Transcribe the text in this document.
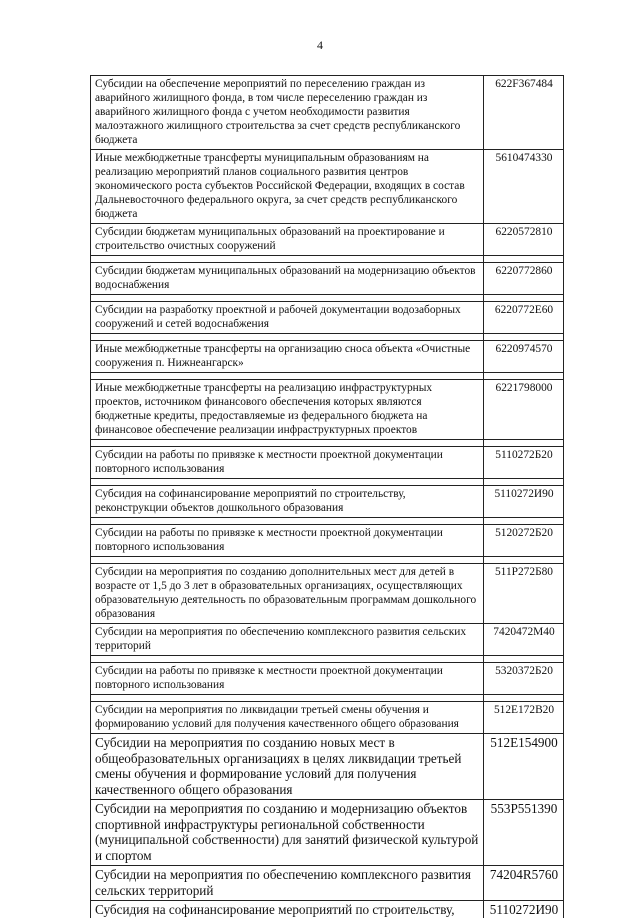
4
Субсидии на обеспечение мероприятий по переселению граждан из аварийного жилищного фонда, в том числе переселению граждан из аварийного жилищного фонда с учетом необходимости развития малоэтажного жилищного строительства за счет средств республиканского бюджета	622F367484
Иные межбюджетные трансферты муниципальным образованиям на реализацию мероприятий планов социального развития центров экономического роста субъектов Российской Федерации, входящих в состав Дальневосточного федерального округа, за счет средств республиканского бюджета	5610474330
Субсидии бюджетам муниципальных образований на проектирование и строительство очистных сооружений	6220572810

Субсидии бюджетам муниципальных образований на модернизацию объектов водоснабжения	6220772860

Субсидии на разработку проектной и рабочей документации водозаборных сооружений и сетей водоснабжения	6220772Е60

Иные межбюджетные трансферты на организацию сноса объекта «Очистные сооружения п. Нижнеангарск»	6220974570

Иные межбюджетные трансферты на реализацию инфраструктурных проектов, источником финансового обеспечения которых являются бюджетные кредиты, предоставляемые из федерального бюджета на финансовое обеспечение реализации инфраструктурных проектов	6221798000

Субсидии на работы по привязке к местности проектной документации повторного использования	5110272Б20

Субсидия на софинансирование мероприятий по строительству, реконструкции объектов дошкольного образования	5110272И90

Субсидии на работы по привязке к местности проектной документации повторного использования	5120272Б20

Субсидии на мероприятия по созданию дополнительных мест для детей в возрасте от 1,5 до 3 лет в образовательных организациях, осуществляющих образовательную деятельность по образовательным программам дошкольного образования	511Р272Б80
Субсидии на мероприятия по обеспечению комплексного развития сельских территорий	7420472М40

Субсидии на работы по привязке к местности проектной документации повторного использования	5320372Б20

Субсидии на мероприятия по ликвидации третьей смены обучения и формированию условий для получения качественного общего образования	512Е172В20
Субсидии на мероприятия по созданию новых мест в общеобразовательных организациях в целях ликвидации третьей смены обучения и формирование условий для получения качественного общего образования	512Е154900
Субсидии на мероприятия по созданию и модернизацию объектов спортивной инфраструктуры региональной собственности (муниципальной собственности) для занятий физической культурой и спортом	553Р551390
Субсидии на мероприятия по обеспечению комплексного развития сельских территорий	74204R5760
Субсидия на софинансирование мероприятий по строительству,	5110272И90
